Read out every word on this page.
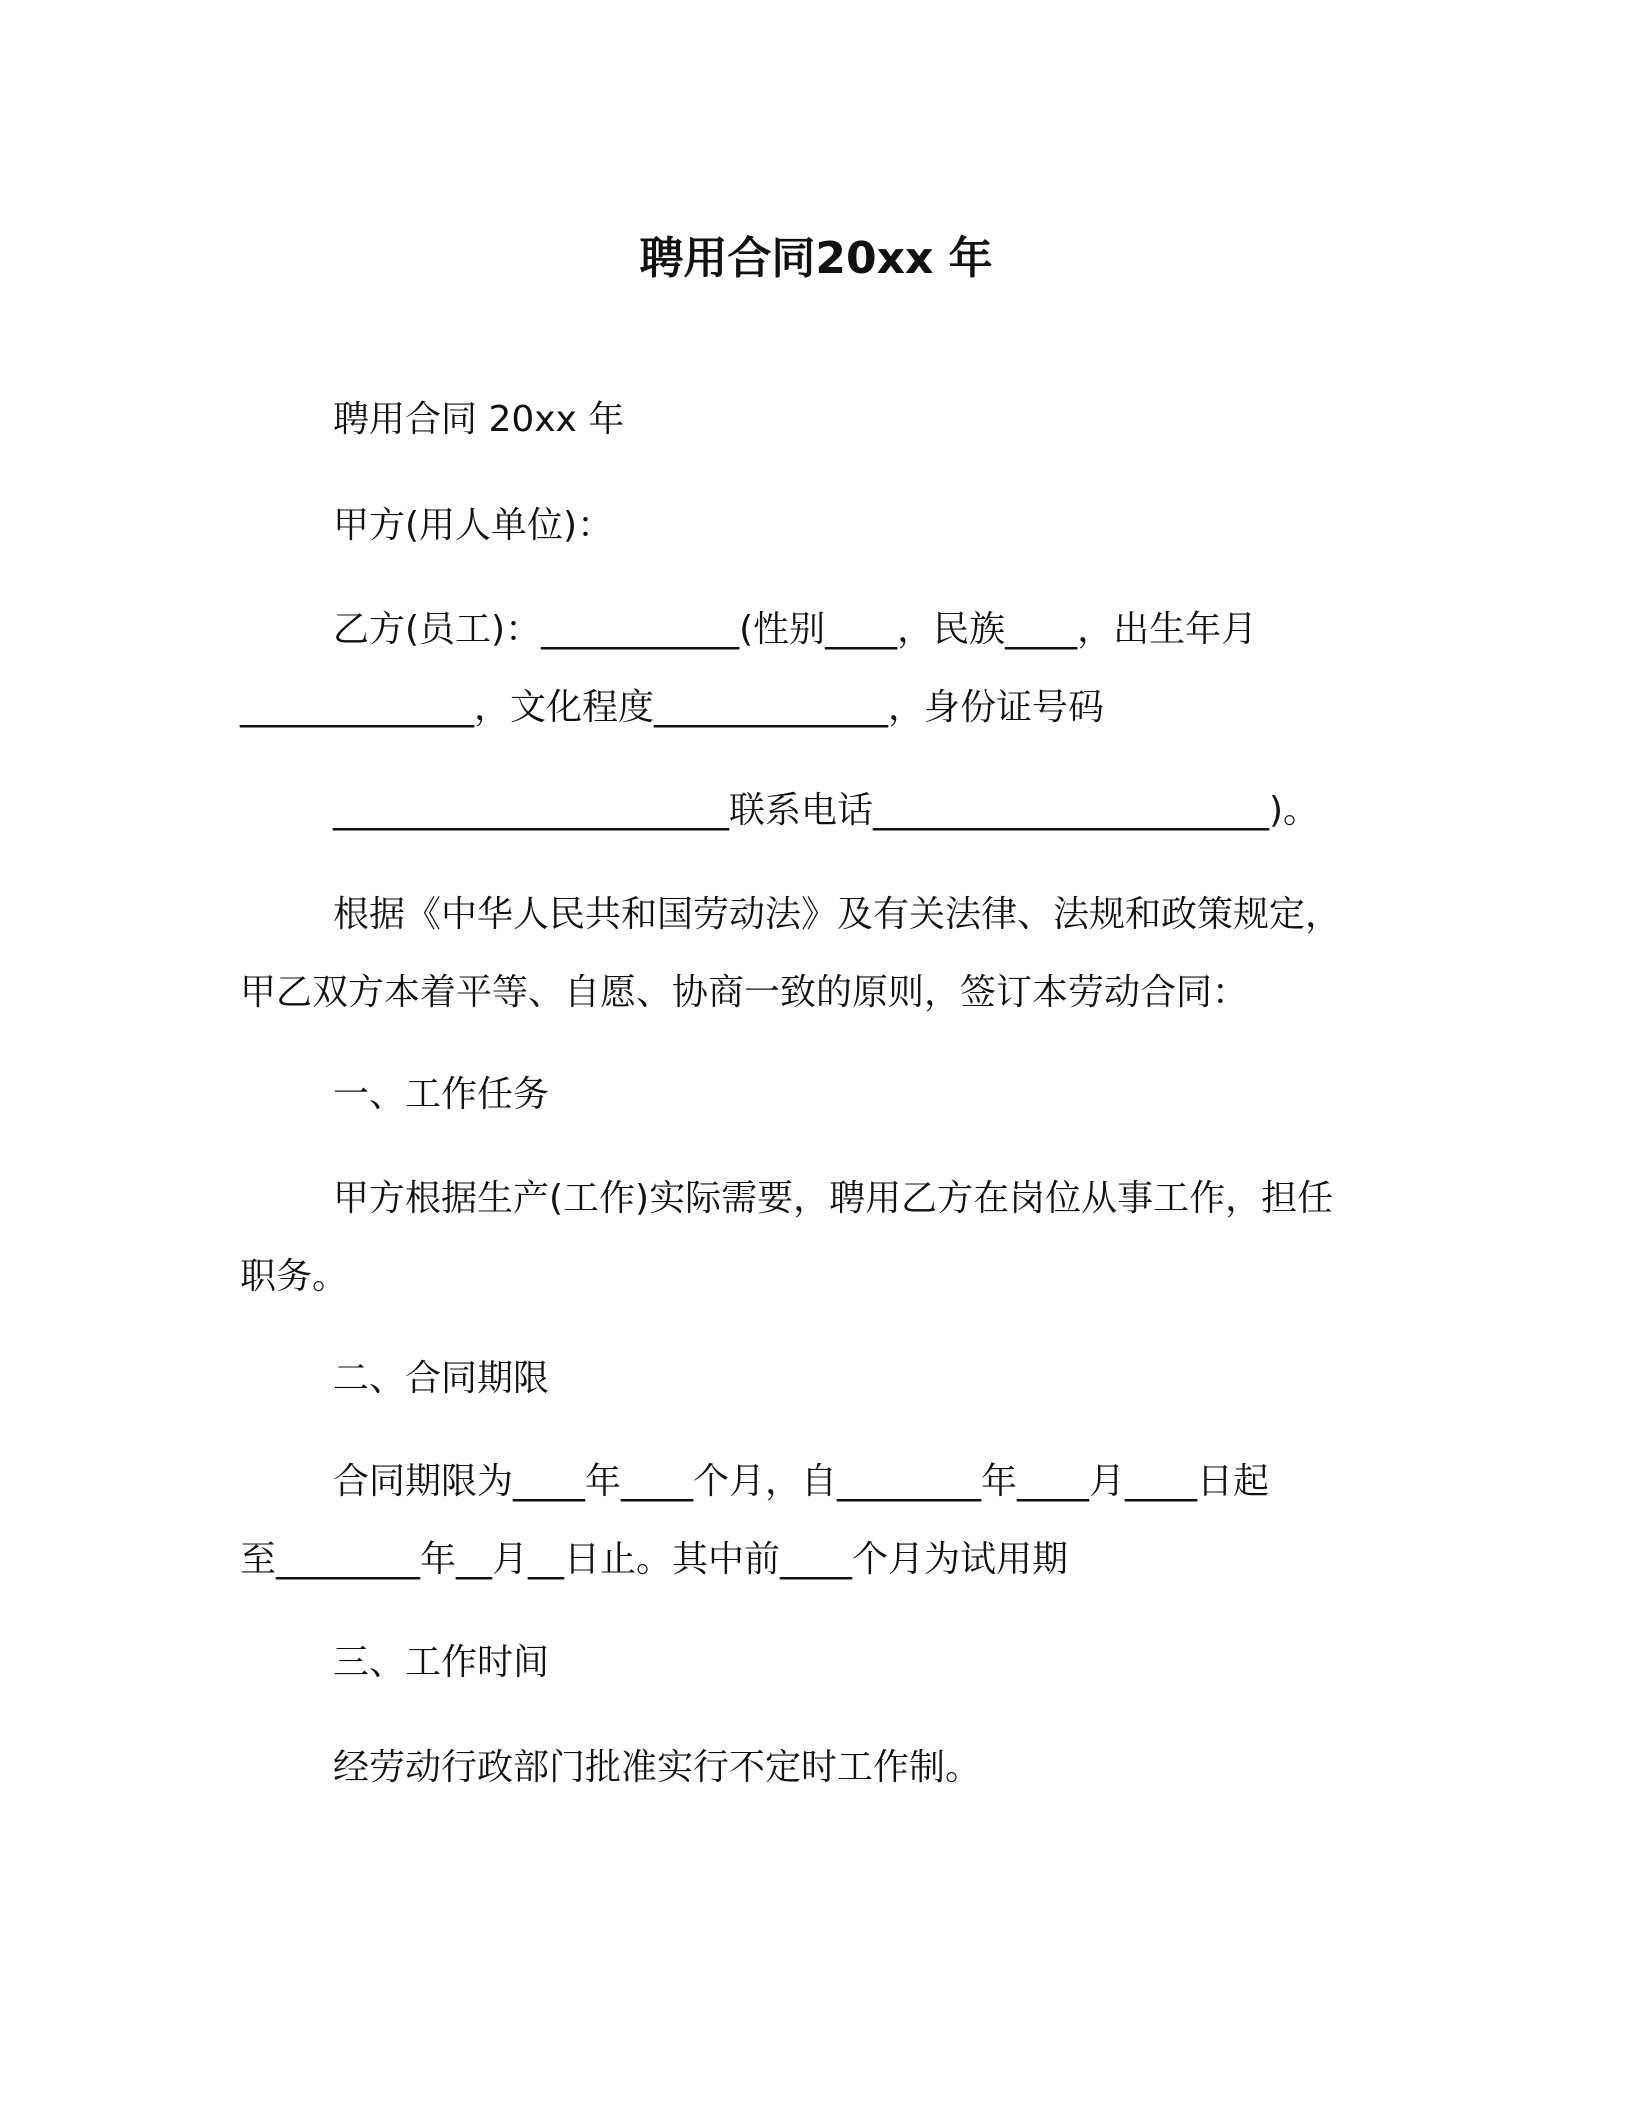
聘用合同20xx 年
聘用合同 20xx 年
甲方(用人单位)：
乙方(员工)：___________(性别____，民族____，出生年月
_____________，文化程度_____________，身份证号码
______________________联系电话______________________)。
根据《中华人民共和国劳动法》及有关法律、法规和政策规定，
甲乙双方本着平等、自愿、协商一致的原则，签订本劳动合同：
一、工作任务
甲方根据生产(工作)实际需要，聘用乙方在岗位从事工作，担任
职务。
二、合同期限
合同期限为____年____个月，自________年____月____日起
至________年__月__日止。其中前____个月为试用期
三、工作时间
经劳动行政部门批准实行不定时工作制。
